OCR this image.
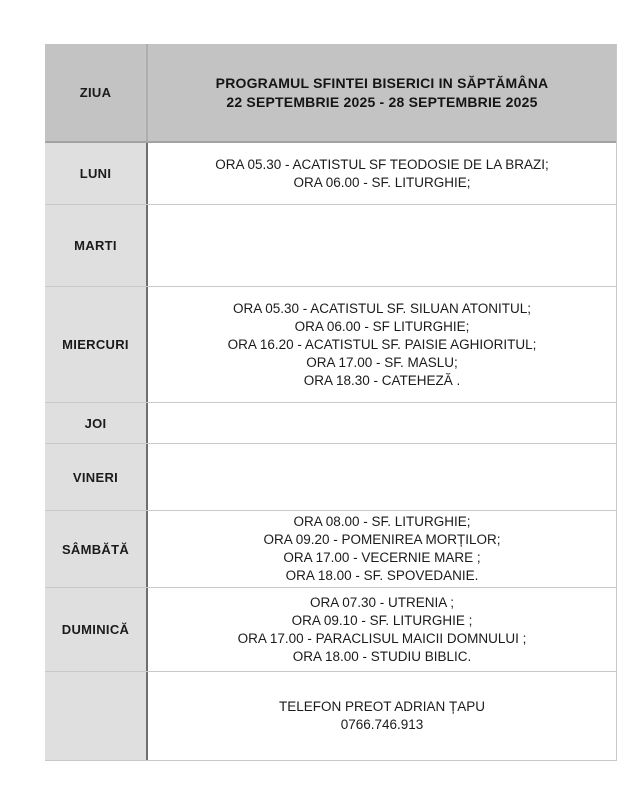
ZIUA
PROGRAMUL SFINTEI BISERICI IN SĂPTĂMÂNA
22 SEPTEMBRIE 2025 - 28 SEPTEMBRIE 2025
LUNI
ORA 05.30 - ACATISTUL SF TEODOSIE DE LA BRAZI;
ORA 06.00 - SF. LITURGHIE;
MARTI
MIERCURI
ORA 05.30 - ACATISTUL SF. SILUAN ATONITUL;
ORA 06.00 - SF LITURGHIE;
ORA 16.20 - ACATISTUL SF. PAISIE AGHIORITUL;
ORA 17.00 - SF. MASLU;
ORA 18.30 - CATEHEZĂ .
JOI
VINERI
SÂMBĂTĂ
ORA 08.00 - SF. LITURGHIE;
ORA 09.20 - POMENIREA MORȚILOR;
ORA 17.00 - VECERNIE MARE ;
ORA 18.00 - SF. SPOVEDANIE.
DUMINICĂ
ORA 07.30 - UTRENIA ;
ORA 09.10 - SF. LITURGHIE ;
ORA 17.00 - PARACLISUL MAICII DOMNULUI ;
ORA 18.00 - STUDIU BIBLIC.
TELEFON PREOT ADRIAN ȚAPU
0766.746.913
